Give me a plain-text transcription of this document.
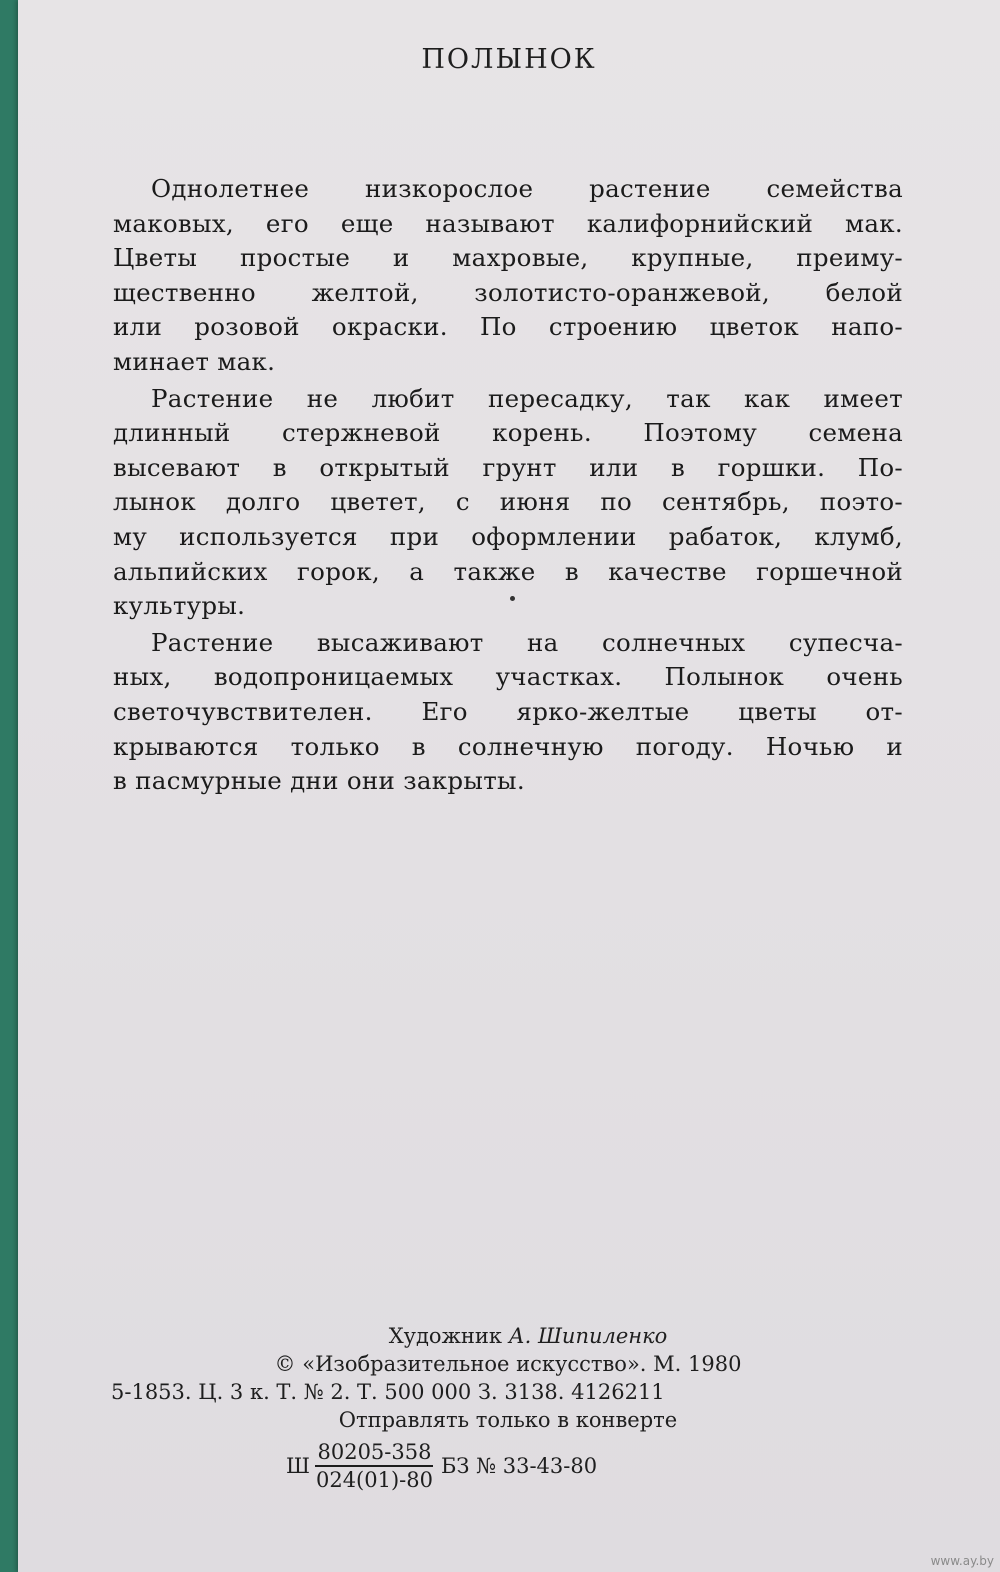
ПОЛЫНОК

Однолетнее низкорослое растение семейства
маковых, его еще называют калифорнийский мак.
Цветы простые и махровые, крупные, преиму-
щественно желтой, золотисто-оранжевой, белой
или розовой окраски. По строению цветок напо-
минает мак.

Растение не любит пересадку, так как имеет
длинный стержневой корень. Поэтому семена
высевают в открытый грунт или в горшки. По-
лынок долго цветет, с июня по сентябрь, поэто-
му используется при оформлении рабаток, клумб,
альпийских горок, а также в качестве горшечной
культуры.

Растение высаживают на солнечных супесча-
ных, водопроницаемых участках. Полынок очень
светочувствителен. Его ярко-желтые цветы от-
крываются только в солнечную погоду. Ночью и
в пасмурные дни они закрыты.

Художник А. Шипиленко
© «Изобразительное искусство». М. 1980
5-1853. Ц. 3 к. Т. № 2. Т. 500 000 З. 3138. 4126211
Отправлять только в конверте
Ш $\frac{80205-358}{024(01)-80}$ БЗ № 33-43-80
www.ay.by
